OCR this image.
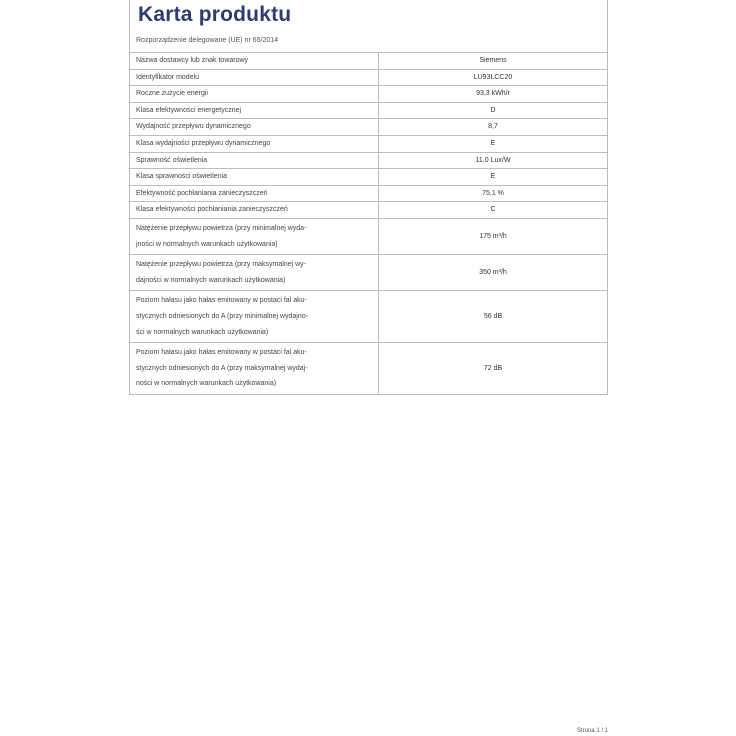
Karta produktu
Rozporządzenie delegowane (UE) nr 65/2014
Nazwa dostawcy lub znak towarowy	Siemens

Identyfikator modelu	LU93LCC20

Roczne zużycie energii	93,3 kWh/r

Klasa efektywności energetycznej	D

Wydajność przepływu dynamicznego	8,7

Klasa wydajności przepływu dynamicznego	E

Sprawność oświetlenia	11,0 Lux/W

Klasa sprawności oświetlenia	E

Efektywność pochłaniania zanieczyszczeń	75,1 %

Klasa efektywności pochłaniania zanieczyszczeń	C

Natężenie przepływu powietrza (przy minimalnej wyda-
jności w normalnych warunkach użytkowania)	175 m³/h

Natężenie przepływu powietrza (przy maksymalnej wy-
dajności w normalnych warunkach użytkowania)	350 m³/h

Poziom hałasu jako hałas emitowany w postaci fal aku-
stycznych odniesionych do A (przy minimalnej wydajno-
ści w normalnych warunkach użytkowania)	56 dB

Poziom hałasu jako hałas emitowany w postaci fal aku-
stycznych odniesionych do A (przy maksymalnej wydaj-
ności w normalnych warunkach użytkowania)	72 dB
Strona 1 / 1
